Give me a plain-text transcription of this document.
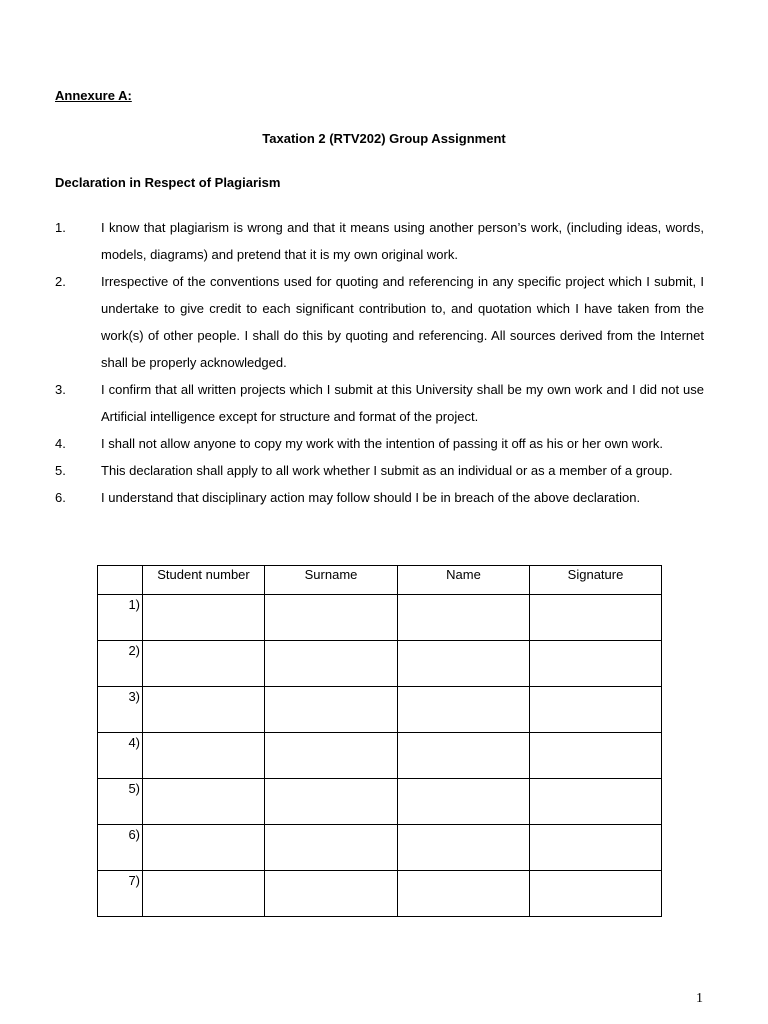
Annexure A:
Taxation 2 (RTV202) Group Assignment
Declaration in Respect of Plagiarism
1.	I know that plagiarism is wrong and that it means using another person’s work, (including ideas, words, models, diagrams) and pretend that it is my own original work.
2.	Irrespective of the conventions used for quoting and referencing in any specific project which I submit, I undertake to give credit to each significant contribution to, and quotation which I have taken from the work(s) of other people. I shall do this by quoting and referencing. All sources derived from the Internet shall be properly acknowledged.
3.	I confirm that all written projects which I submit at this University shall be my own work and I did not use Artificial intelligence except for structure and format of the project.
4.	I shall not allow anyone to copy my work with the intention of passing it off as his or her own work.
5.	This declaration shall apply to all work whether I submit as an individual or as a member of a group.
6.	I understand that disciplinary action may follow should I be in breach of the above declaration.
	Student number	Surname	Name	Signature
1)				
2)				
3)				
4)				
5)				
6)				
7)				
1
